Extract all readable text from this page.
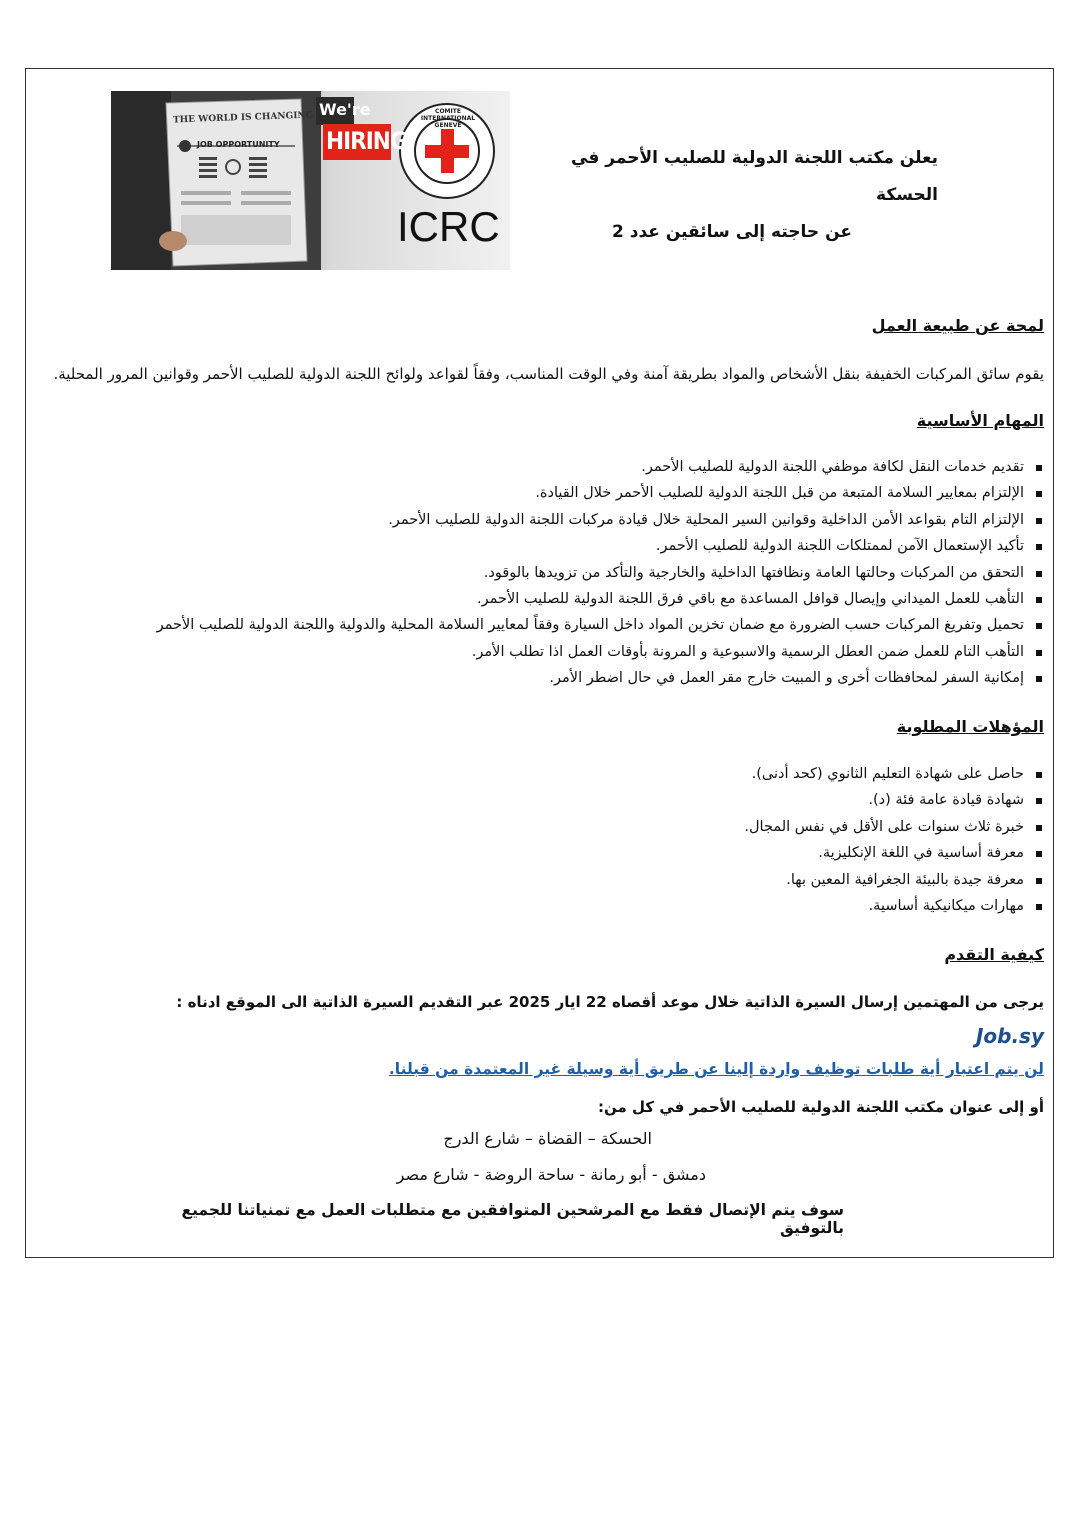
THE WORLD IS CHANGING
JOB OPPORTUNITY
We're
HIRING
COMITE INTERNATIONAL GENEVE
ICRC
يعلن مكتب اللجنة الدولية للصليب الأحمر في الحسكة
عن حاجته إلى سائقين عدد 2

لمحة عن طبيعة العمل

يقوم سائق المركبات الخفيفة بنقل الأشخاص والمواد بطريقة آمنة وفي الوقت المناسب، وفقاً لقواعد ولوائح اللجنة الدولية للصليب الأحمر وقوانين المرور المحلية.

المهام الأساسية

تقديم خدمات النقل لكافة موظفي اللجنة الدولية للصليب الأحمر.
الإلتزام بمعايير السلامة المتبعة من قبل اللجنة الدولية للصليب الأحمر خلال القيادة.
الإلتزام التام بقواعد الأمن الداخلية وقوانين السير المحلية خلال قيادة مركبات اللجنة الدولية للصليب الأحمر.
تأكيد الإستعمال الآمن لممتلكات اللجنة الدولية للصليب الأحمر.
التحقق من المركبات وحالتها العامة ونظافتها الداخلية والخارجية والتأكد من تزويدها بالوقود.
التأهب للعمل الميداني وإيصال قوافل المساعدة مع باقي فرق اللجنة الدولية للصليب الأحمر.
تحميل وتفريغ المركبات حسب الضرورة مع ضمان تخزين المواد داخل السيارة وفقاً لمعايير السلامة المحلية والدولية واللجنة الدولية للصليب الأحمر
التأهب التام للعمل ضمن العطل الرسمية والاسبوعية و المرونة بأوقات العمل اذا تطلب الأمر.
إمكانية السفر لمحافظات أخرى و المبيت خارج مقر العمل في حال اضطر الأمر.

المؤهلات المطلوبة

حاصل على شهادة التعليم الثانوي (كحد أدنى).
شهادة قيادة عامة فئة (د).
خبرة ثلاث سنوات على الأقل في نفس المجال.
معرفة أساسية في اللغة الإنكليزية.
معرفة جيدة بالبيئة الجغرافية المعين بها.
مهارات ميكانيكية أساسية.

كيفية التقدم

يرجى من المهتمين إرسال السيرة الذاتية خلال موعد أقصاه 22 ايار 2025 عبر التقديم السيرة الذاتية الى الموقع ادناه :

Job.sy
لن يتم اعتبار أية طلبات توظيف واردة إلينا عن طريق أية وسيلة غير المعتمدة من قبلنا.

أو إلى عنوان مكتب اللجنة الدولية للصليب الأحمر في كل من:

الحسكة – القضاة – شارع الدرج
دمشق - أبو رمانة - ساحة الروضة - شارع مصر
سوف يتم الإتصال فقط مع المرشحين المتوافقين مع متطلبات العمل مع تمنياتنا للجميع بالتوفيق
